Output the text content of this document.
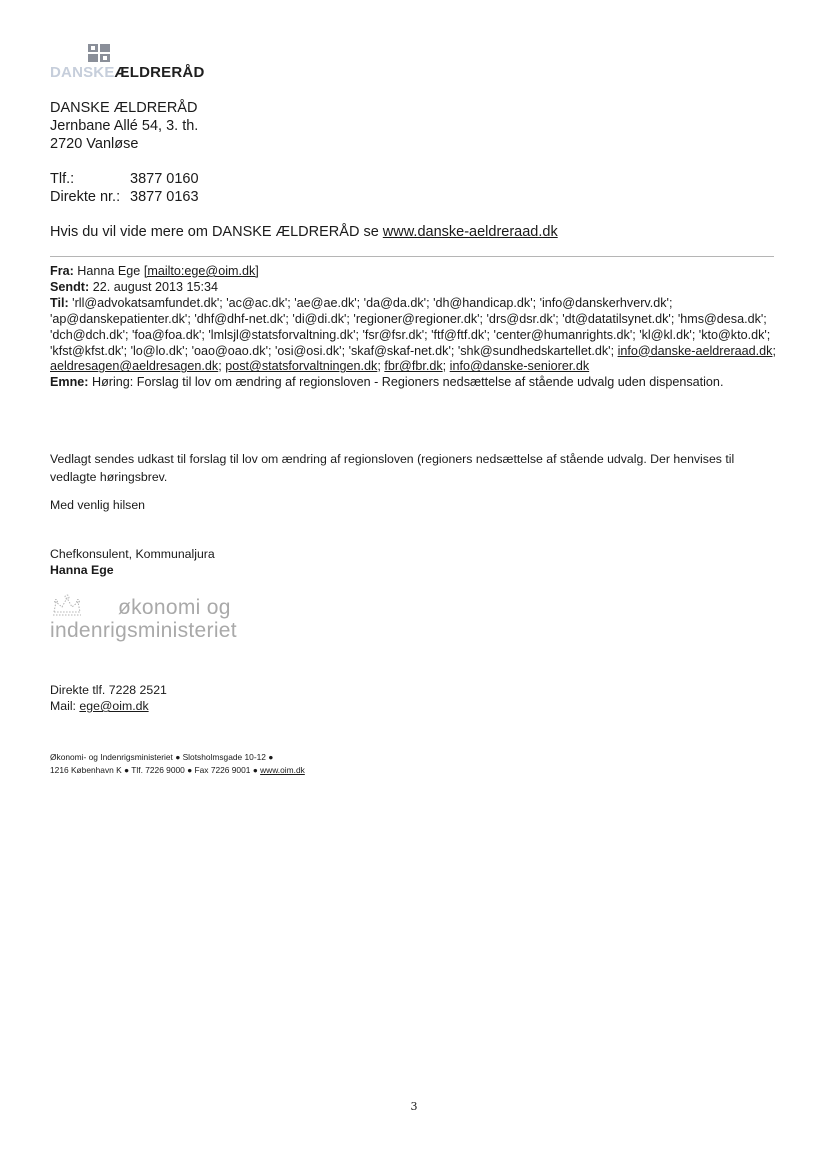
DANSKEÆLDRERÅD
DANSKE ÆLDRERÅD
Jernbane Allé 54, 3. th.
2720 Vanløse
Tlf.:	3877 0160
Direkte nr.: 3877 0163
Hvis du vil vide mere om DANSKE ÆLDRERÅD se www.danske-aeldreraad.dk
Fra: Hanna Ege [mailto:ege@oim.dk]
Sendt: 22. august 2013 15:34
Til: 'rll@advokatsamfundet.dk'; 'ac@ac.dk'; 'ae@ae.dk'; 'da@da.dk'; 'dh@handicap.dk'; 'info@danskerhverv.dk'; 'ap@danskepatienter.dk'; 'dhf@dhf-net.dk'; 'di@di.dk'; 'regioner@regioner.dk'; 'drs@dsr.dk'; 'dt@datatilsynet.dk'; 'hms@desa.dk'; 'dch@dch.dk'; 'foa@foa.dk'; 'lmlsjl@statsforvaltning.dk'; 'fsr@fsr.dk'; 'ftf@ftf.dk'; 'center@humanrights.dk'; 'kl@kl.dk'; 'kto@kto.dk'; 'kfst@kfst.dk'; 'lo@lo.dk'; 'oao@oao.dk'; 'osi@osi.dk'; 'skaf@skaf-net.dk'; 'shk@sundhedskartellet.dk'; info@danske-aeldreraad.dk; aeldresagen@aeldresagen.dk; post@statsforvaltningen.dk; fbr@fbr.dk; info@danske-seniorer.dk
Emne: Høring: Forslag til lov om ændring af regionsloven - Regioners nedsættelse af stående udvalg uden dispensation.
Vedlagt sendes udkast til forslag til lov om ændring af regionsloven (regioners nedsættelse af stående udvalg. Der henvises til vedlagte høringsbrev.
Med venlig hilsen
Chefkonsulent, Kommunaljura
Hanna Ege
økonomi og
indenrigsministeriet
Direkte tlf. 7228 2521
Mail: ege@oim.dk
Økonomi- og Indenrigsministeriet ● Slotsholmsgade 10-12 ●
1216 København K ● Tlf. 7226 9000 ● Fax 7226 9001 ● www.oim.dk
3
